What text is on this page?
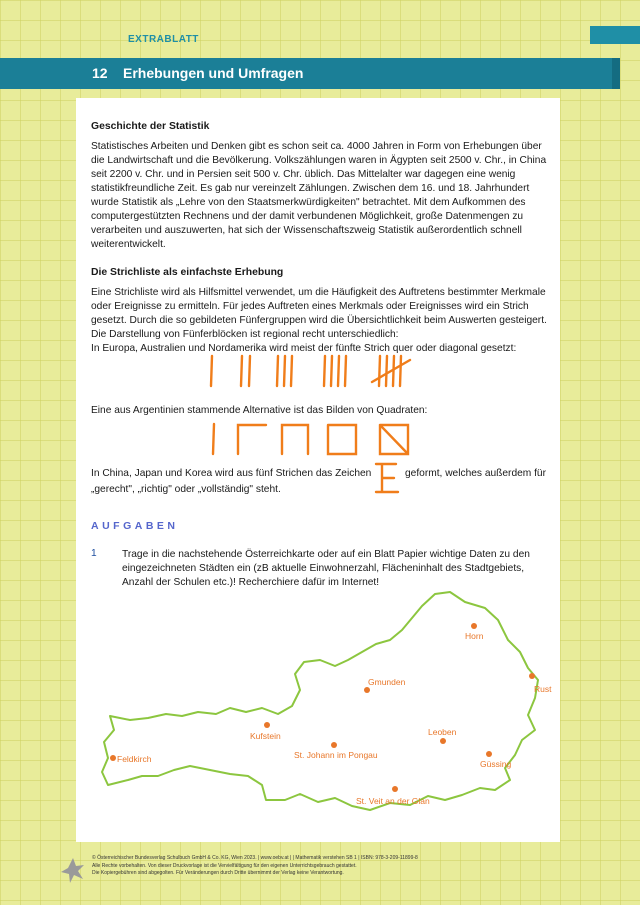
EXTRABLATT
12 Erhebungen und Umfragen
Geschichte der Statistik

Statistisches Arbeiten und Denken gibt es schon seit ca. 4000 Jahren in Form von Erhebungen über die Landwirtschaft und die Bevölkerung. Volkszählungen waren in Ägypten seit 2500 v. Chr., in China seit 2200 v. Chr. und in Persien seit 500 v. Chr. üblich. Das Mittelalter war dagegen eine wenig statistikfreundliche Zeit. Es gab nur vereinzelt Zählungen. Zwischen dem 16. und 18. Jahrhundert wurde Statistik als „Lehre von den Staatsmerkwürdigkeiten" betrachtet. Mit dem Aufkommen des computergestützten Rechnens und der damit verbundenen Möglichkeit, große Datenmengen zu verarbeiten und auszuwerten, hat sich der Wissenschaftszweig Statistik außerordentlich schnell weiterentwickelt.

Die Strichliste als einfachste Erhebung

Eine Strichliste wird als Hilfsmittel verwendet, um die Häufigkeit des Auftretens bestimmter Merkmale oder Ereignisse zu ermitteln. Für jedes Auftreten eines Merkmals oder Ereignisses wird ein Strich gesetzt. Durch die so gebildeten Fünfergruppen wird die Übersichtlichkeit beim Auswerten gesteigert. Die Darstellung von Fünferblöcken ist regional recht unterschiedlich:

In Europa, Australien und Nordamerika wird meist der fünfte Strich quer oder diagonal gesetzt:

Eine aus Argentinien stammende Alternative ist das Bilden von Quadraten:

In China, Japan und Korea wird aus fünf Strichen das Zeichen	geformt, welches außerdem für
„gerecht", „richtig" oder „vollständig" steht.
AUFGABEN
1 Trage in die nachstehende Österreichkarte oder auf ein Blatt Papier wichtige Daten zu den eingezeichneten Städten ein (zB aktuelle Einwohnerzahl, Flächeninhalt des Stadtgebiets, Anzahl der Schulen etc.)! Recherchiere dafür im Internet!
Horn
Gmunden
Rust
Kufstein	Leoben
Feldkirch	St. Johann im Pongau
Güssing
St. Veit an der Glan
© Österreichischer Bundesverlag Schulbuch GmbH & Co. KG, Wien 2023. | www.oebv.at | | Mathematik verstehen SB 1 | ISBN: 978-3-209-11899-8
Alle Rechte vorbehalten. Von dieser Druckvorlage ist die Vervielfältigung für den eigenen Unterrichtsgebrauch gestattet.
Die Kopiergebühren sind abgegolten. Für Veränderungen durch Dritte übernimmt der Verlag keine Verantwortung.
